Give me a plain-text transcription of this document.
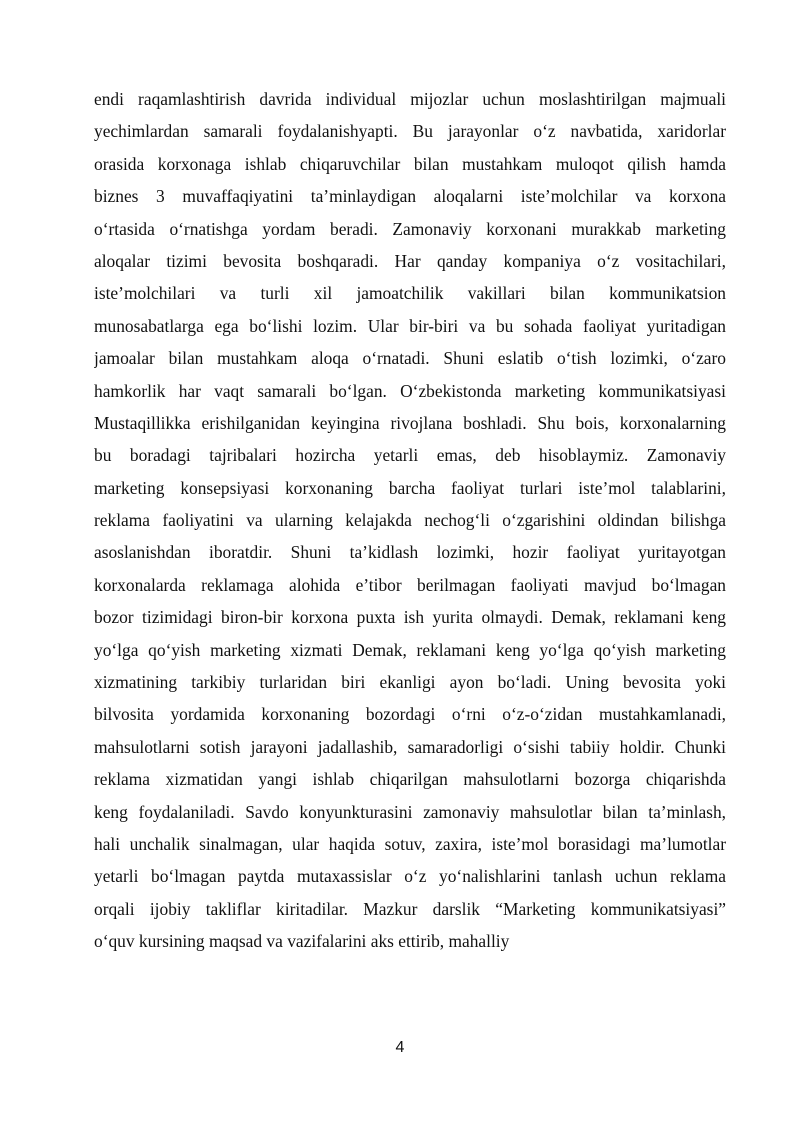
endi raqamlashtirish davrida individual mijozlar uchun moslashtirilgan majmuali
yechimlardan samarali foydalanishyapti. Bu jarayonlar o‘z navbatida, xaridorlar
orasida korxonaga ishlab chiqaruvchilar bilan mustahkam muloqot qilish hamda
biznes 3 muvaffaqiyatini ta’minlaydigan aloqalarni iste’molchilar va korxona
o‘rtasida o‘rnatishga yordam beradi. Zamonaviy korxonani murakkab marketing
aloqalar tizimi bevosita boshqaradi. Har qanday kompaniya o‘z vositachilari,
iste’molchilari va turli xil jamoatchilik vakillari bilan kommunikatsion
munosabatlarga ega bo‘lishi lozim. Ular bir-biri va bu sohada faoliyat yuritadigan
jamoalar bilan mustahkam aloqa o‘rnatadi. Shuni eslatib o‘tish lozimki, o‘zaro
hamkorlik har vaqt samarali bo‘lgan. O‘zbekistonda marketing kommunikatsiyasi
Mustaqillikka erishilganidan keyingina rivojlana boshladi. Shu bois, korxonalarning
bu boradagi tajribalari hozircha yetarli emas, deb hisoblaymiz. Zamonaviy
marketing konsepsiyasi korxonaning barcha faoliyat turlari iste’mol talablarini,
reklama faoliyatini va ularning kelajakda nechog‘li o‘zgarishini oldindan bilishga
asoslanishdan iboratdir. Shuni ta’kidlash lozimki, hozir faoliyat yuritayotgan
korxonalarda reklamaga alohida e’tibor berilmagan faoliyati mavjud bo‘lmagan
bozor tizimidagi biron-bir korxona puxta ish yurita olmaydi. Demak, reklamani keng
yo‘lga qo‘yish marketing xizmati Demak, reklamani keng yo‘lga qo‘yish marketing
xizmatining tarkibiy turlaridan biri ekanligi ayon bo‘ladi. Uning bevosita yoki
bilvosita yordamida korxonaning bozordagi o‘rni o‘z-o‘zidan mustahkamlanadi,
mahsulotlarni sotish jarayoni jadallashib, samaradorligi o‘sishi tabiiy holdir. Chunki
reklama xizmatidan yangi ishlab chiqarilgan mahsulotlarni bozorga chiqarishda
keng foydalaniladi. Savdo konyunkturasini zamonaviy mahsulotlar bilan ta’minlash,
hali unchalik sinalmagan, ular haqida sotuv, zaxira, iste’mol borasidagi ma’lumotlar
yetarli bo‘lmagan paytda mutaxassislar o‘z yo‘nalishlarini tanlash uchun reklama
orqali ijobiy takliflar kiritadilar. Mazkur darslik “Marketing kommunikatsiyasi”
o‘quv kursining maqsad va vazifalarini aks ettirib, mahalliy
4
